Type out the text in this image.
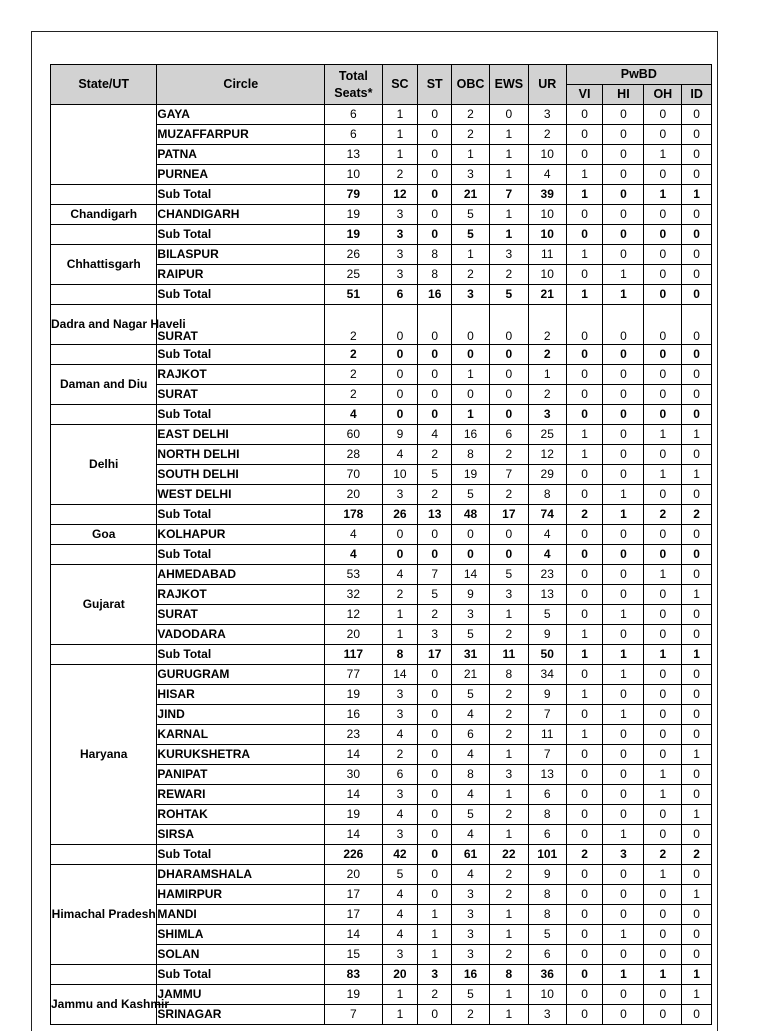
State/UT	Circle	Total Seats*	SC	ST	OBC	EWS	UR	PwBD			
								VI	HI	OH	ID
	GAYA	6	1	0	2	0	3	0	0	0	0
	MUZAFFARPUR	6	1	0	2	1	2	0	0	0	0
	PATNA	13	1	0	1	1	10	0	0	1	0
	PURNEA	10	2	0	3	1	4	1	0	0	0
	Sub Total	79	12	0	21	7	39	1	0	1	1
Chandigarh	CHANDIGARH	19	3	0	5	1	10	0	0	0	0
	Sub Total	19	3	0	5	1	10	0	0	0	0
Chhattisgarh	BILASPUR	26	3	8	1	3	11	1	0	0	0
	RAIPUR	25	3	8	2	2	10	0	1	0	0
	Sub Total	51	6	16	3	5	21	1	1	0	0
Dadra and Nagar Haveli	SURAT	2	0	0	0	0	2	0	0	0	0
	Sub Total	2	0	0	0	0	2	0	0	0	0
Daman and Diu	RAJKOT	2	0	0	1	0	1	0	0	0	0
	SURAT	2	0	0	0	0	2	0	0	0	0
	Sub Total	4	0	0	1	0	3	0	0	0	0
Delhi	EAST DELHI	60	9	4	16	6	25	1	0	1	1
	NORTH DELHI	28	4	2	8	2	12	1	0	0	0
	SOUTH DELHI	70	10	5	19	7	29	0	0	1	1
	WEST DELHI	20	3	2	5	2	8	0	1	0	0
	Sub Total	178	26	13	48	17	74	2	1	2	2
Goa	KOLHAPUR	4	0	0	0	0	4	0	0	0	0
	Sub Total	4	0	0	0	0	4	0	0	0	0
Gujarat	AHMEDABAD	53	4	7	14	5	23	0	0	1	0
	RAJKOT	32	2	5	9	3	13	0	0	0	1
	SURAT	12	1	2	3	1	5	0	1	0	0
	VADODARA	20	1	3	5	2	9	1	0	0	0
	Sub Total	117	8	17	31	11	50	1	1	1	1
Haryana	GURUGRAM	77	14	0	21	8	34	0	1	0	0
	HISAR	19	3	0	5	2	9	1	0	0	0
	JIND	16	3	0	4	2	7	0	1	0	0
	KARNAL	23	4	0	6	2	11	1	0	0	0
	KURUKSHETRA	14	2	0	4	1	7	0	0	0	1
	PANIPAT	30	6	0	8	3	13	0	0	1	0
	REWARI	14	3	0	4	1	6	0	0	1	0
	ROHTAK	19	4	0	5	2	8	0	0	0	1
	SIRSA	14	3	0	4	1	6	0	1	0	0
	Sub Total	226	42	0	61	22	101	2	3	2	2
Himachal Pradesh	DHARAMSHALA	20	5	0	4	2	9	0	0	1	0
	HAMIRPUR	17	4	0	3	2	8	0	0	0	1
	MANDI	17	4	1	3	1	8	0	0	0	0
	SHIMLA	14	4	1	3	1	5	0	1	0	0
	SOLAN	15	3	1	3	2	6	0	0	0	0
	Sub Total	83	20	3	16	8	36	0	1	1	1
Jammu and Kashmir	JAMMU	19	1	2	5	1	10	0	0	0	1
	SRINAGAR	7	1	0	2	1	3	0	0	0	0
